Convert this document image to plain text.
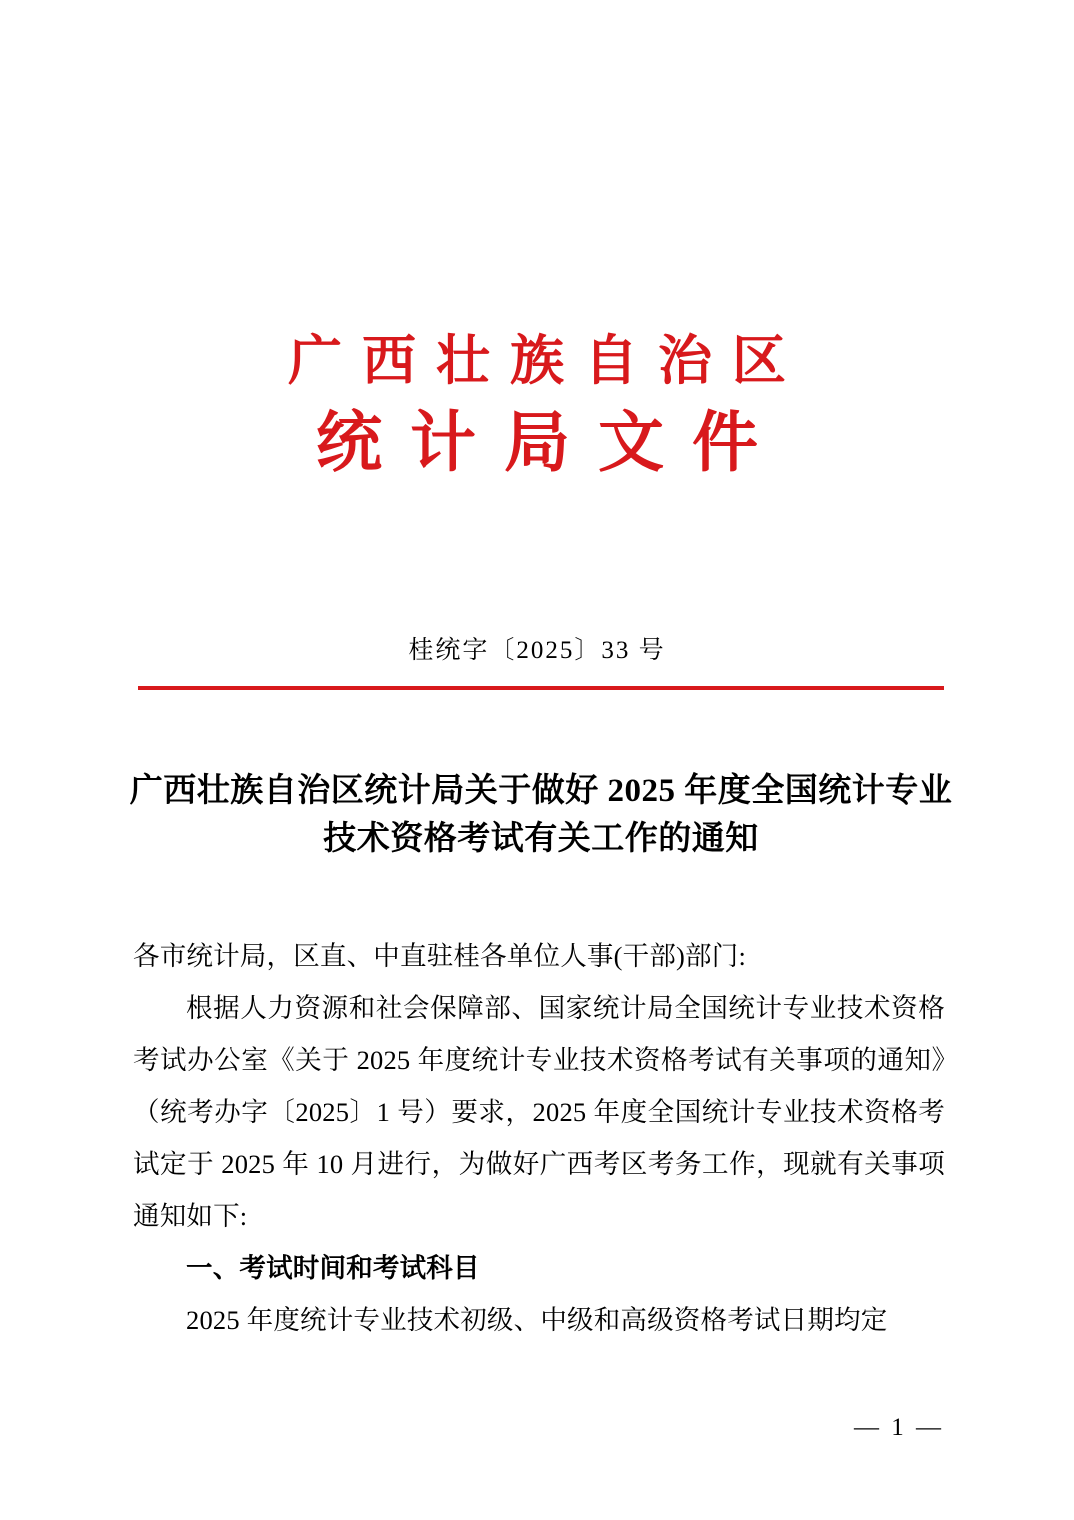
广西壮族自治区
统计局文件
桂统字〔2025〕33 号
广西壮族自治区统计局关于做好 2025 年度全国统计专业技术资格考试有关工作的通知

各市统计局，区直、中直驻桂各单位人事(干部)部门:

根据人力资源和社会保障部、国家统计局全国统计专业技术资格考试办公室《关于 2025 年度统计专业技术资格考试有关事项的通知》（统考办字〔2025〕1 号）要求，2025 年度全国统计专业技术资格考试定于 2025 年 10 月进行，为做好广西考区考务工作，现就有关事项通知如下:

一、考试时间和考试科目

2025 年度统计专业技术初级、中级和高级资格考试日期均定

— 1 —
